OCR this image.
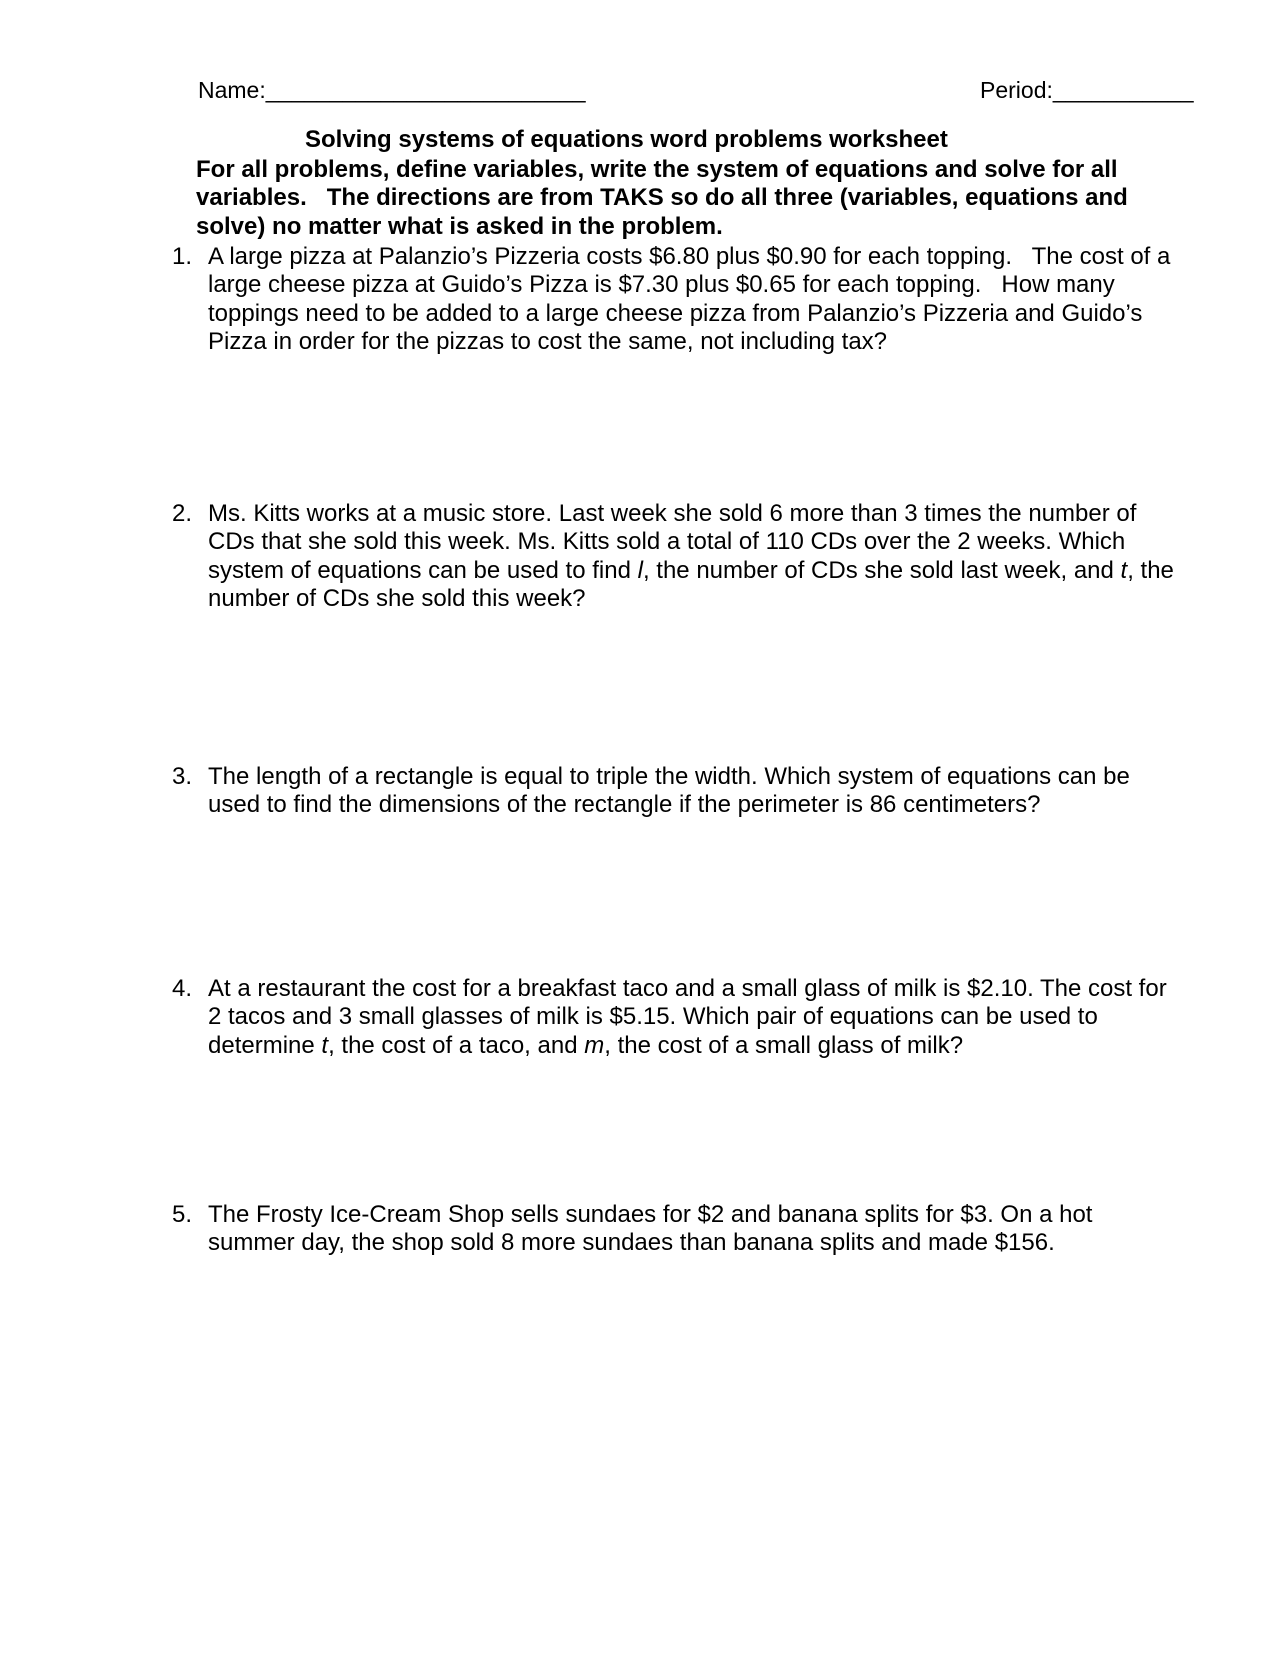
Name:_________________________	Period:___________
Solving systems of equations word problems worksheet
For all problems, define variables, write the system of equations and solve for all
variables.   The directions are from TAKS so do all three (variables, equations and
solve) no matter what is asked in the problem.
1. A large pizza at Palanzio’s Pizzeria costs $6.80 plus $0.90 for each topping.   The cost of a
large cheese pizza at Guido’s Pizza is $7.30 plus $0.65 for each topping.   How many
toppings need to be added to a large cheese pizza from Palanzio’s Pizzeria and Guido’s
Pizza in order for the pizzas to cost the same, not including tax?
2. Ms. Kitts works at a music store. Last week she sold 6 more than 3 times the number of
CDs that she sold this week. Ms. Kitts sold a total of 110 CDs over the 2 weeks. Which
system of equations can be used to find l, the number of CDs she sold last week, and t, the
number of CDs she sold this week?
3. The length of a rectangle is equal to triple the width. Which system of equations can be
used to find the dimensions of the rectangle if the perimeter is 86 centimeters?
4. At a restaurant the cost for a breakfast taco and a small glass of milk is $2.10. The cost for
2 tacos and 3 small glasses of milk is $5.15. Which pair of equations can be used to
determine t, the cost of a taco, and m, the cost of a small glass of milk?
5. The Frosty Ice-Cream Shop sells sundaes for $2 and banana splits for $3. On a hot
summer day, the shop sold 8 more sundaes than banana splits and made $156.
